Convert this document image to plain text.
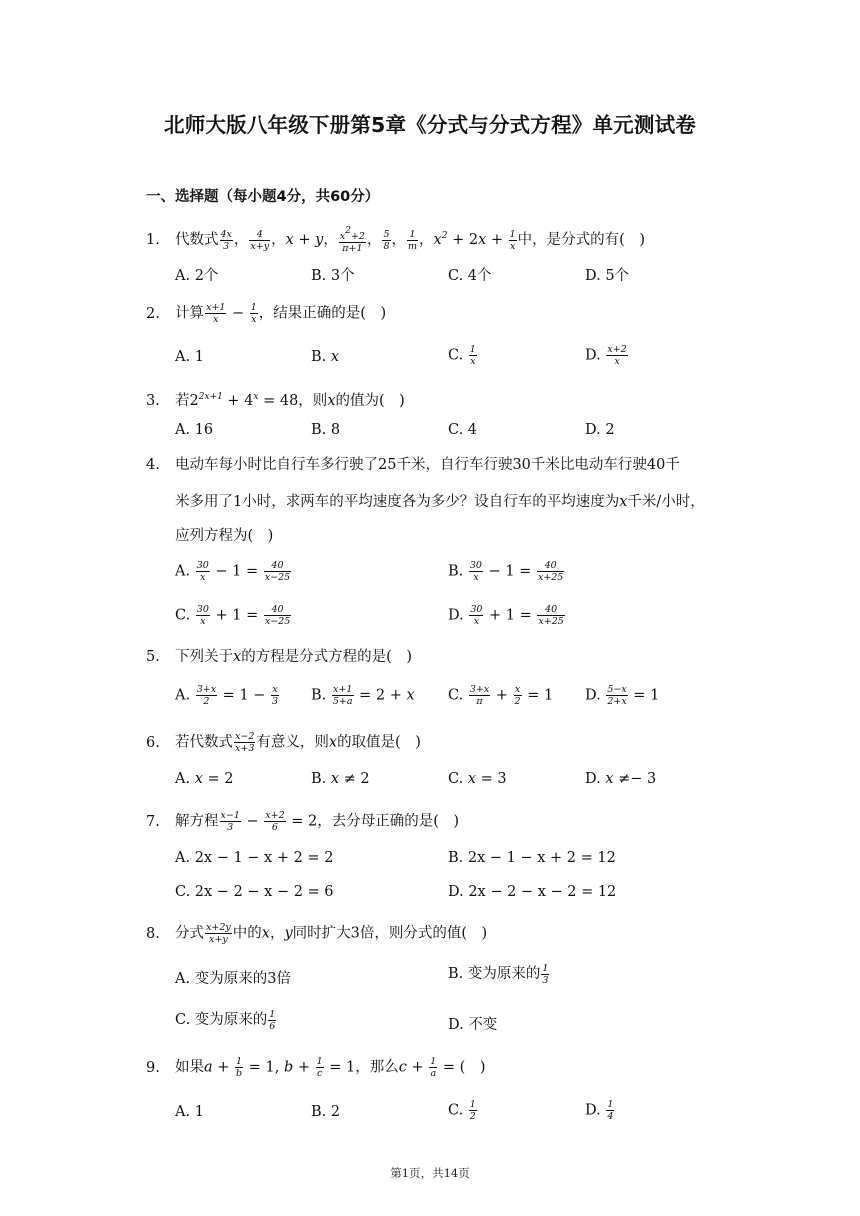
北师大版八年级下册第5章《分式与分式方程》单元测试卷
一、选择题（每小题4分，共60分）
1. 代数式 $\frac{4x}{3}$ ， $\frac{4}{x+y}$ ，x + y， $\frac{x^2+2}{\pi+1}$ ， $\frac{5}{8}$ ， $\frac{1}{m}$ ，$x^2 + 2x + \frac{1}{x}$ 中，是分式的有(　)
A. 2个	B. 3个	C. 4个	D. 5个
2. 计算 $\frac{x+1}{x} - \frac{1}{x}$ ，结果正确的是(　)
A. 1	B. x	C. $\frac{1}{x}$	D. $\frac{x+2}{x}$
3. 若$2^{2x+1} + 4^x = 48$，则x的值为(　)
A. 16	B. 8	C. 4	D. 2
4. 电动车每小时比自行车多行驶了25千米，自行车行驶30千米比电动车行驶40千
米多用了1小时，求两车的平均速度各为多少？设自行车的平均速度为x千米/小时，
应列方程为(　)
A. $\frac{30}{x} - 1 = \frac{40}{x-25}$	B. $\frac{30}{x} - 1 = \frac{40}{x+25}$
C. $\frac{30}{x} + 1 = \frac{40}{x-25}$	D. $\frac{30}{x} + 1 = \frac{40}{x+25}$
5. 下列关于x的方程是分式方程的是(　)
A. $\frac{3+x}{2} = 1 - \frac{x}{3} B$. $\frac{x+1}{5+a} = 2 + x$ C. $\frac{3+x}{\pi} + \frac{x}{2} = 1$ D. $\frac{5-x}{2+x} = 1$
6. 若代数式 $\frac{x-2}{x+3}$ 有意义，则x的取值是(　)
A. x = 2	B. x ≠ 2	C. x = 3	D. x ≠− 3
7. 解方程 $\frac{x-1}{3} - \frac{x+2}{6} = 2$，去分母正确的是(　)
A. 2x − 1 − x + 2 = 2	B. 2x − 1 − x + 2 = 12
C. 2x − 2 − x − 2 = 6	D. 2x − 2 − x − 2 = 12
8. 分式 $\frac{x+2y}{x+y}$ 中的x，y同时扩大3倍，则分式的值(　)
A. 变为原来的3倍	B. 变为原来的 $\frac{1}{3}$
C. 变为原来的 $\frac{1}{6}$	D. 不变
9. 如果$a + \frac{1}{b} = 1$, $b + \frac{1}{c} = 1$，那么$c + \frac{1}{a}$ = (　)
A. 1	B. 2	C. $\frac{1}{2}$	D. $\frac{1}{4}$
第1页，共14页
